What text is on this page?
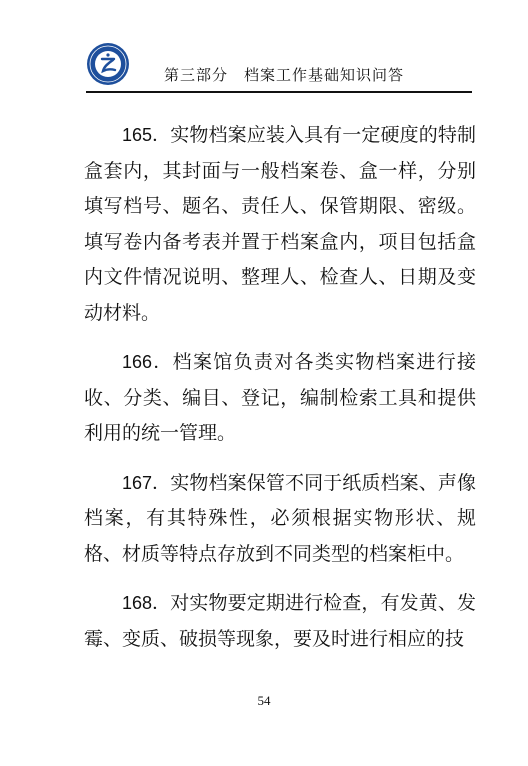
第三部分　档案工作基础知识问答

165．实物档案应装入具有一定硬度的特制盒套内，其封面与一般档案卷、盒一样，分别填写档号、题名、责任人、保管期限、密级。填写卷内备考表并置于档案盒内，项目包括盒内文件情况说明、整理人、检查人、日期及变动材料。

166．档案馆负责对各类实物档案进行接收、分类、编目、登记，编制检索工具和提供利用的统一管理。

167．实物档案保管不同于纸质档案、声像档案，有其特殊性，必须根据实物形状、规格、材质等特点存放到不同类型的档案柜中。

168．对实物要定期进行检查，有发黄、发霉、变质、破损等现象，要及时进行相应的技

54
